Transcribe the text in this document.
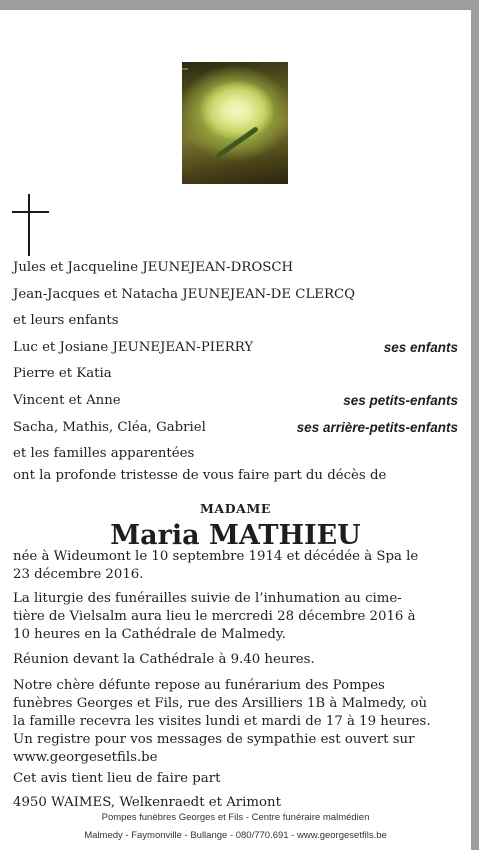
Jules et Jacqueline JEUNEJEAN-DROSCH
Jean-Jacques et Natacha JEUNEJEAN-DE CLERCQ
et leurs enfants
Luc et Josiane JEUNEJEAN-PIERRY	ses enfants
Pierre et Katia
Vincent et Anne	ses petits-enfants
Sacha, Mathis, Cléa, Gabriel	ses arrière-petits-enfants
et les familles apparentées
ont la profonde tristesse de vous faire part du décès de
MADAME
Maria MATHIEU
née à Wideumont le 10 septembre 1914 et décédée à Spa le
23 décembre 2016.
La liturgie des funérailles suivie de l’inhumation au cime-
tière de Vielsalm aura lieu le mercredi 28 décembre 2016 à
10 heures en la Cathédrale de Malmedy.
Réunion devant la Cathédrale à 9.40 heures.
Notre chère défunte repose au funérarium des Pompes
funèbres Georges et Fils, rue des Arsilliers 1B à Malmedy, où
la famille recevra les visites lundi et mardi de 17 à 19 heures.
Un registre pour vos messages de sympathie est ouvert sur
www.georgesetfils.be
Cet avis tient lieu de faire part
4950 WAIMES, Welkenraedt et Arimont
Pompes funèbres Georges et Fils - Centre funéraire malmédien
Malmedy - Faymonville - Bullange - 080/770.691 - www.georgesetfils.be
